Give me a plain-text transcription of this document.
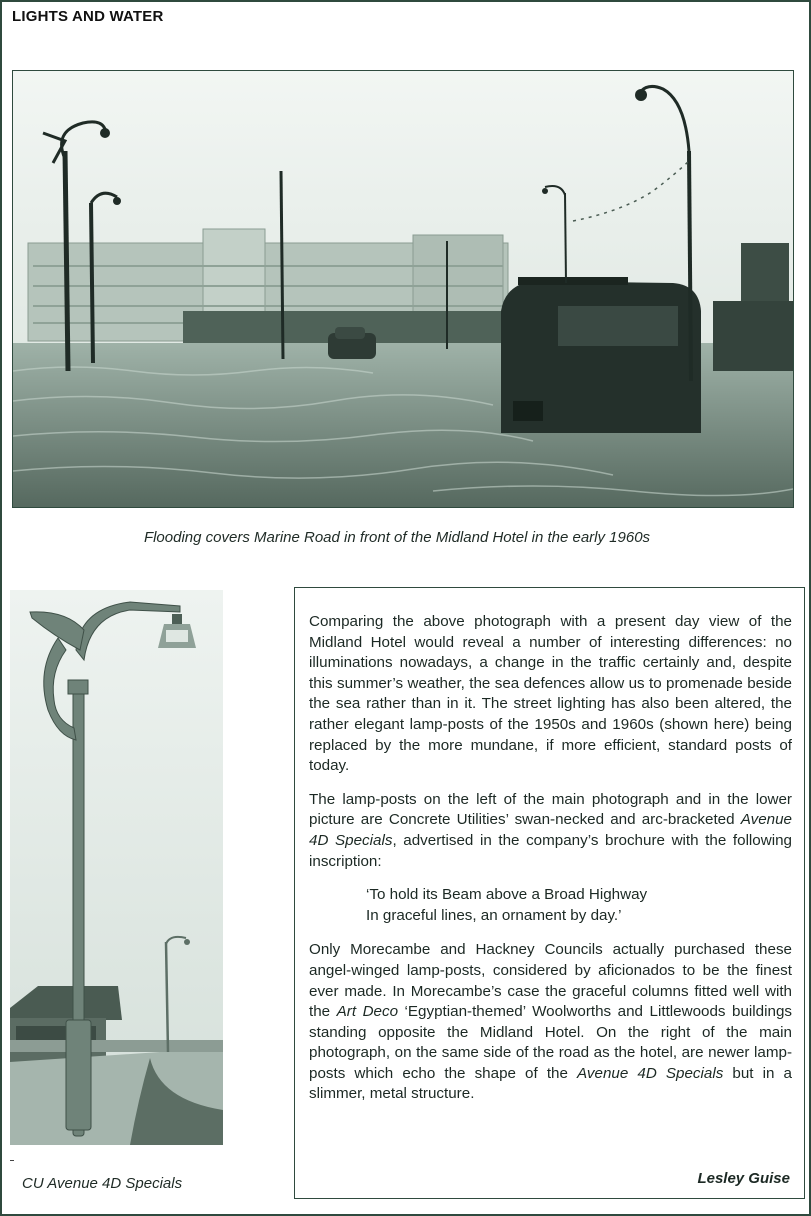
LIGHTS AND WATER
Flooding covers Marine Road in front of the Midland Hotel in the early 1960s
CU Avenue 4D Specials

Comparing the above photograph with a present day view of the Midland Hotel would reveal a number of interesting differences: no illuminations nowadays, a change in the traffic certainly and, despite this summer’s weather, the sea defences allow us to promenade beside the sea rather than in it. The street lighting has also been altered, the rather elegant lamp-posts of the 1950s and 1960s (shown here) being replaced by the more mundane, if more efficient, standard posts of today.

The lamp-posts on the left of the main photograph and in the lower picture are Concrete Utilities’ swan-necked and arc-bracketed Avenue 4D Specials, advertised in the company’s brochure with the following inscription:

‘To hold its Beam above a Broad Highway
In graceful lines, an ornament by day.’

Only Morecambe and Hackney Councils actually purchased these angel-winged lamp-posts, considered by aficionados to be the finest ever made. In Morecambe’s case the graceful columns fitted well with the Art Deco ‘Egyptian-themed’ Woolworths and Littlewoods buildings standing opposite the Midland Hotel. On the right of the main photograph, on the same side of the road as the hotel, are newer lamp-posts which echo the shape of the Avenue 4D Specials but in a slimmer, metal structure.

Lesley Guise
